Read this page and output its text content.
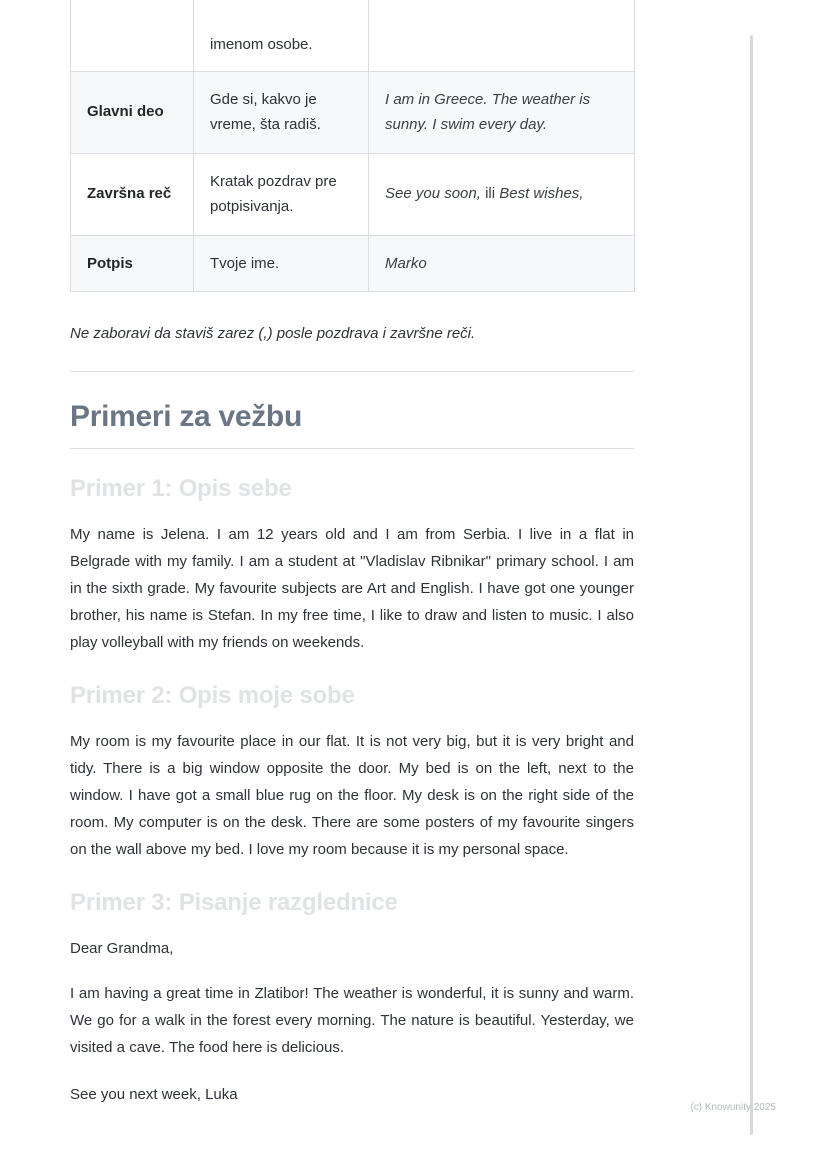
	imenom osobe.	
Glavni deo	Gde si, kakvo je vreme, šta radiš.	I am in Greece. The weather is sunny. I swim every day.
Završna reč	Kratak pozdrav pre potpisivanja.	See you soon, ili Best wishes,
Potpis	Tvoje ime.	Marko

Ne zaboravi da staviš zarez (,) posle pozdrava i završne reči.

Primeri za vežbu
Primer 1: Opis sebe

My name is Jelena. I am 12 years old and I am from Serbia. I live in a flat in Belgrade with my family. I am a student at "Vladislav Ribnikar" primary school. I am in the sixth grade. My favourite subjects are Art and English. I have got one younger brother, his name is Stefan. In my free time, I like to draw and listen to music. I also play volleyball with my friends on weekends.

Primer 2: Opis moje sobe

My room is my favourite place in our flat. It is not very big, but it is very bright and tidy. There is a big window opposite the door. My bed is on the left, next to the window. I have got a small blue rug on the floor. My desk is on the right side of the room. My computer is on the desk. There are some posters of my favourite singers on the wall above my bed. I love my room because it is my personal space.

Primer 3: Pisanje razglednice

Dear Grandma,

I am having a great time in Zlatibor! The weather is wonderful, it is sunny and warm. We go for a walk in the forest every morning. The nature is beautiful. Yesterday, we visited a cave. The food here is delicious.

See you next week, Luka

(c) Knowunity 2025
